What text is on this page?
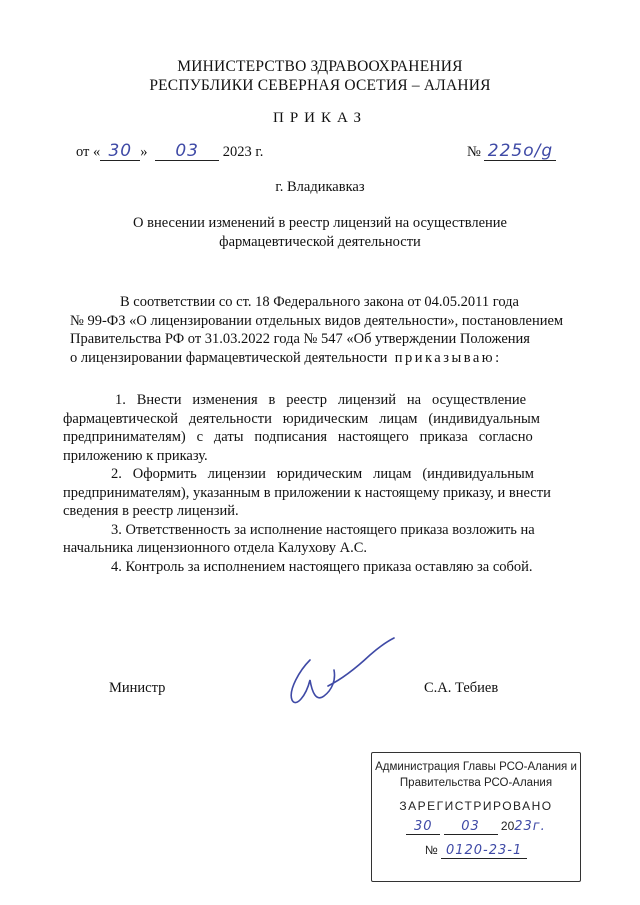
МИНИСТЕРСТВО ЗДРАВООХРАНЕНИЯ
РЕСПУБЛИКИ СЕВЕРНАЯ ОСЕТИЯ – АЛАНИЯ
ПРИКАЗ
от « 30 » 03 2023 г.	№ 225о/g
г. Владикавказ
О внесении изменений в реестр лицензий на осуществление
фармацевтической деятельности
В соответствии со ст. 18 Федерального закона от 04.05.2011 года
№ 99-ФЗ «О лицензировании отдельных видов деятельности», постановлением
Правительства РФ от 31.03.2022 года № 547 «Об утверждении Положения
о лицензировании фармацевтической деятельности приказываю:
1.   Внести   изменения   в   реестр   лицензий   на   осуществление
фармацевтической   деятельности   юридическим   лицам   (индивидуальным
предпринимателям)   с   даты   подписания   настоящего   приказа   согласно
приложению к приказу.
2.   Оформить   лицензии   юридическим   лицам   (индивидуальным
предпринимателям), указанным в приложении к настоящему приказу, и внести
сведения в реестр лицензий.
3. Ответственность за исполнение настоящего приказа возложить на
начальника лицензионного отдела Калухову А.С.
4. Контроль за исполнением настоящего приказа оставляю за собой.
Министр	С.А. Тебиев
Администрация Главы РСО-Алания и
Правительства РСО-Алания
ЗАРЕГИСТРИРОВАНО
30 03 2023г.
№ 0120-23-1
